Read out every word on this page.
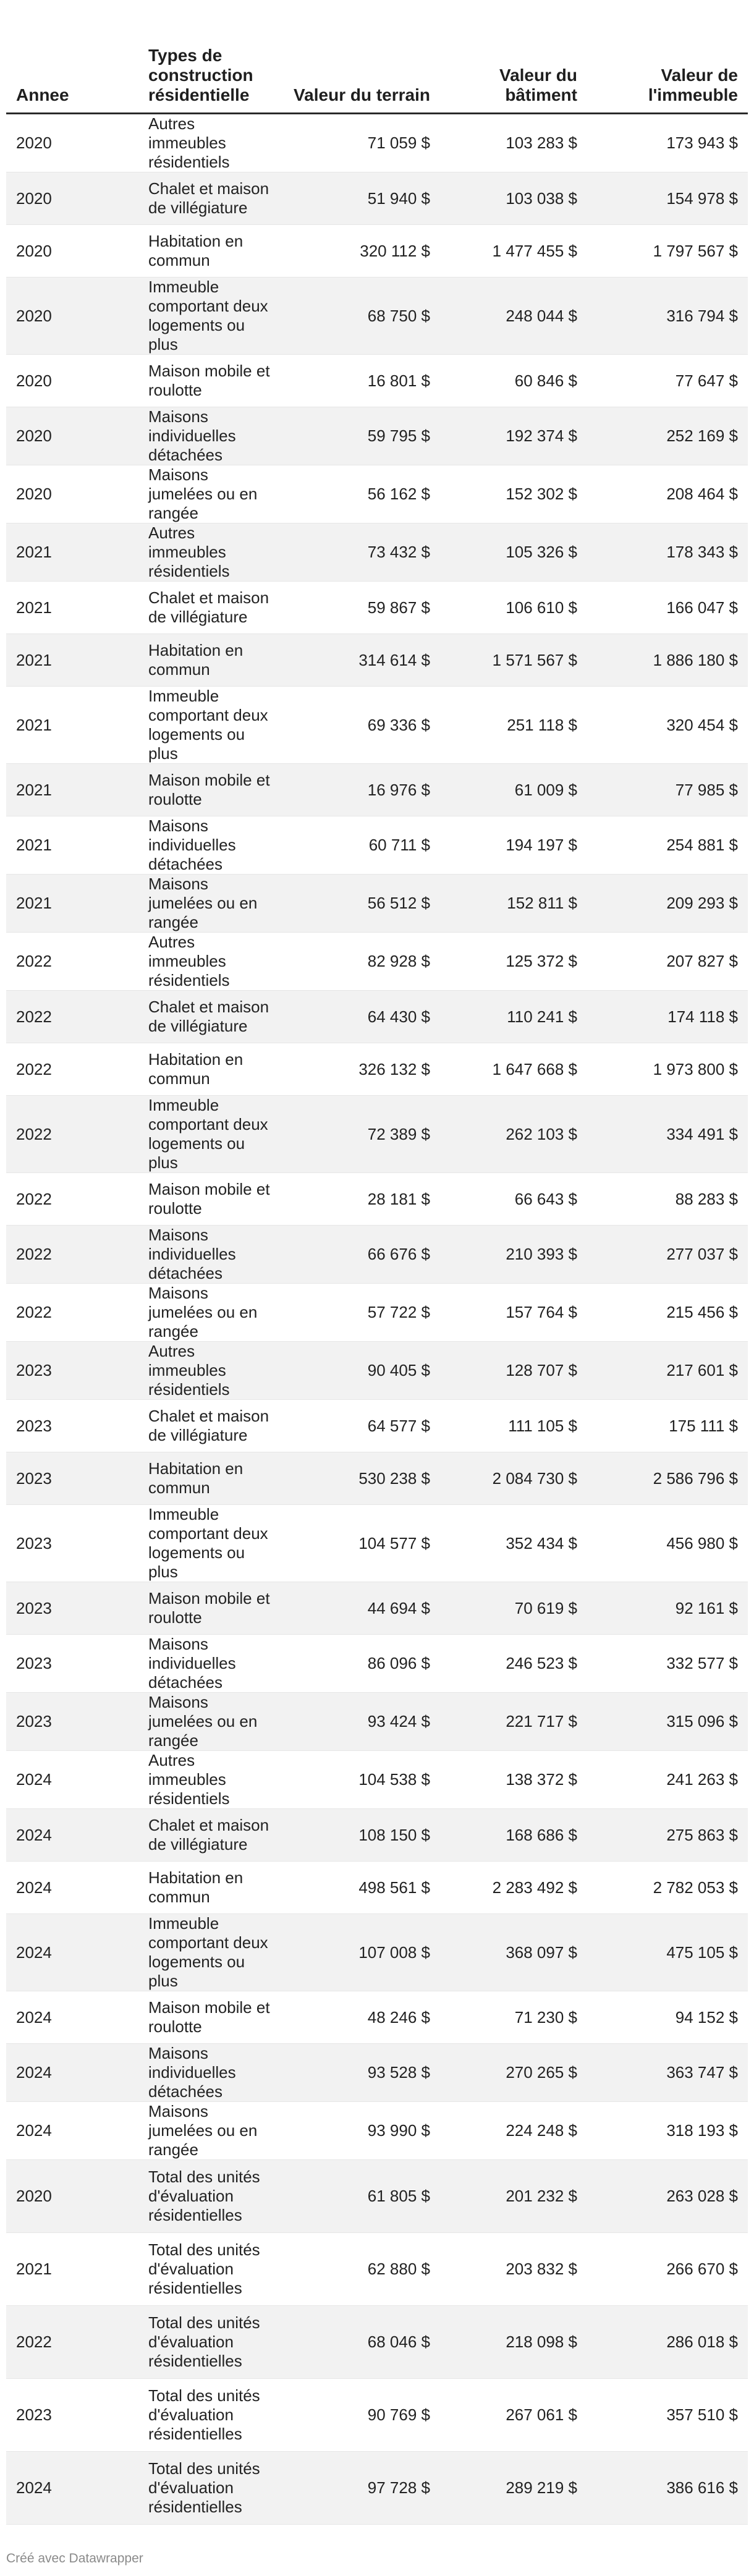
Annee	Types de construction résidentielle	Valeur du terrain	Valeur du bâtiment	Valeur de l'immeuble
2020	Autres immeubles résidentiels	71 059 $	103 283 $	173 943 $
2020	Chalet et maison de villégiature	51 940 $	103 038 $	154 978 $
2020	Habitation en commun	320 112 $	1 477 455 $	1 797 567 $
2020	Immeuble comportant deux logements ou plus	68 750 $	248 044 $	316 794 $
2020	Maison mobile et roulotte	16 801 $	60 846 $	77 647 $
2020	Maisons individuelles détachées	59 795 $	192 374 $	252 169 $
2020	Maisons jumelées ou en rangée	56 162 $	152 302 $	208 464 $
2021	Autres immeubles résidentiels	73 432 $	105 326 $	178 343 $
2021	Chalet et maison de villégiature	59 867 $	106 610 $	166 047 $
2021	Habitation en commun	314 614 $	1 571 567 $	1 886 180 $
2021	Immeuble comportant deux logements ou plus	69 336 $	251 118 $	320 454 $
2021	Maison mobile et roulotte	16 976 $	61 009 $	77 985 $
2021	Maisons individuelles détachées	60 711 $	194 197 $	254 881 $
2021	Maisons jumelées ou en rangée	56 512 $	152 811 $	209 293 $
2022	Autres immeubles résidentiels	82 928 $	125 372 $	207 827 $
2022	Chalet et maison de villégiature	64 430 $	110 241 $	174 118 $
2022	Habitation en commun	326 132 $	1 647 668 $	1 973 800 $
2022	Immeuble comportant deux logements ou plus	72 389 $	262 103 $	334 491 $
2022	Maison mobile et roulotte	28 181 $	66 643 $	88 283 $
2022	Maisons individuelles détachées	66 676 $	210 393 $	277 037 $
2022	Maisons jumelées ou en rangée	57 722 $	157 764 $	215 456 $
2023	Autres immeubles résidentiels	90 405 $	128 707 $	217 601 $
2023	Chalet et maison de villégiature	64 577 $	111 105 $	175 111 $
2023	Habitation en commun	530 238 $	2 084 730 $	2 586 796 $
2023	Immeuble comportant deux logements ou plus	104 577 $	352 434 $	456 980 $
2023	Maison mobile et roulotte	44 694 $	70 619 $	92 161 $
2023	Maisons individuelles détachées	86 096 $	246 523 $	332 577 $
2023	Maisons jumelées ou en rangée	93 424 $	221 717 $	315 096 $
2024	Autres immeubles résidentiels	104 538 $	138 372 $	241 263 $
2024	Chalet et maison de villégiature	108 150 $	168 686 $	275 863 $
2024	Habitation en commun	498 561 $	2 283 492 $	2 782 053 $
2024	Immeuble comportant deux logements ou plus	107 008 $	368 097 $	475 105 $
2024	Maison mobile et roulotte	48 246 $	71 230 $	94 152 $
2024	Maisons individuelles détachées	93 528 $	270 265 $	363 747 $
2024	Maisons jumelées ou en rangée	93 990 $	224 248 $	318 193 $
2020	Total des unités d'évaluation résidentielles	61 805 $	201 232 $	263 028 $
2021	Total des unités d'évaluation résidentielles	62 880 $	203 832 $	266 670 $
2022	Total des unités d'évaluation résidentielles	68 046 $	218 098 $	286 018 $
2023	Total des unités d'évaluation résidentielles	90 769 $	267 061 $	357 510 $
2024	Total des unités d'évaluation résidentielles	97 728 $	289 219 $	386 616 $
Créé avec Datawrapper
